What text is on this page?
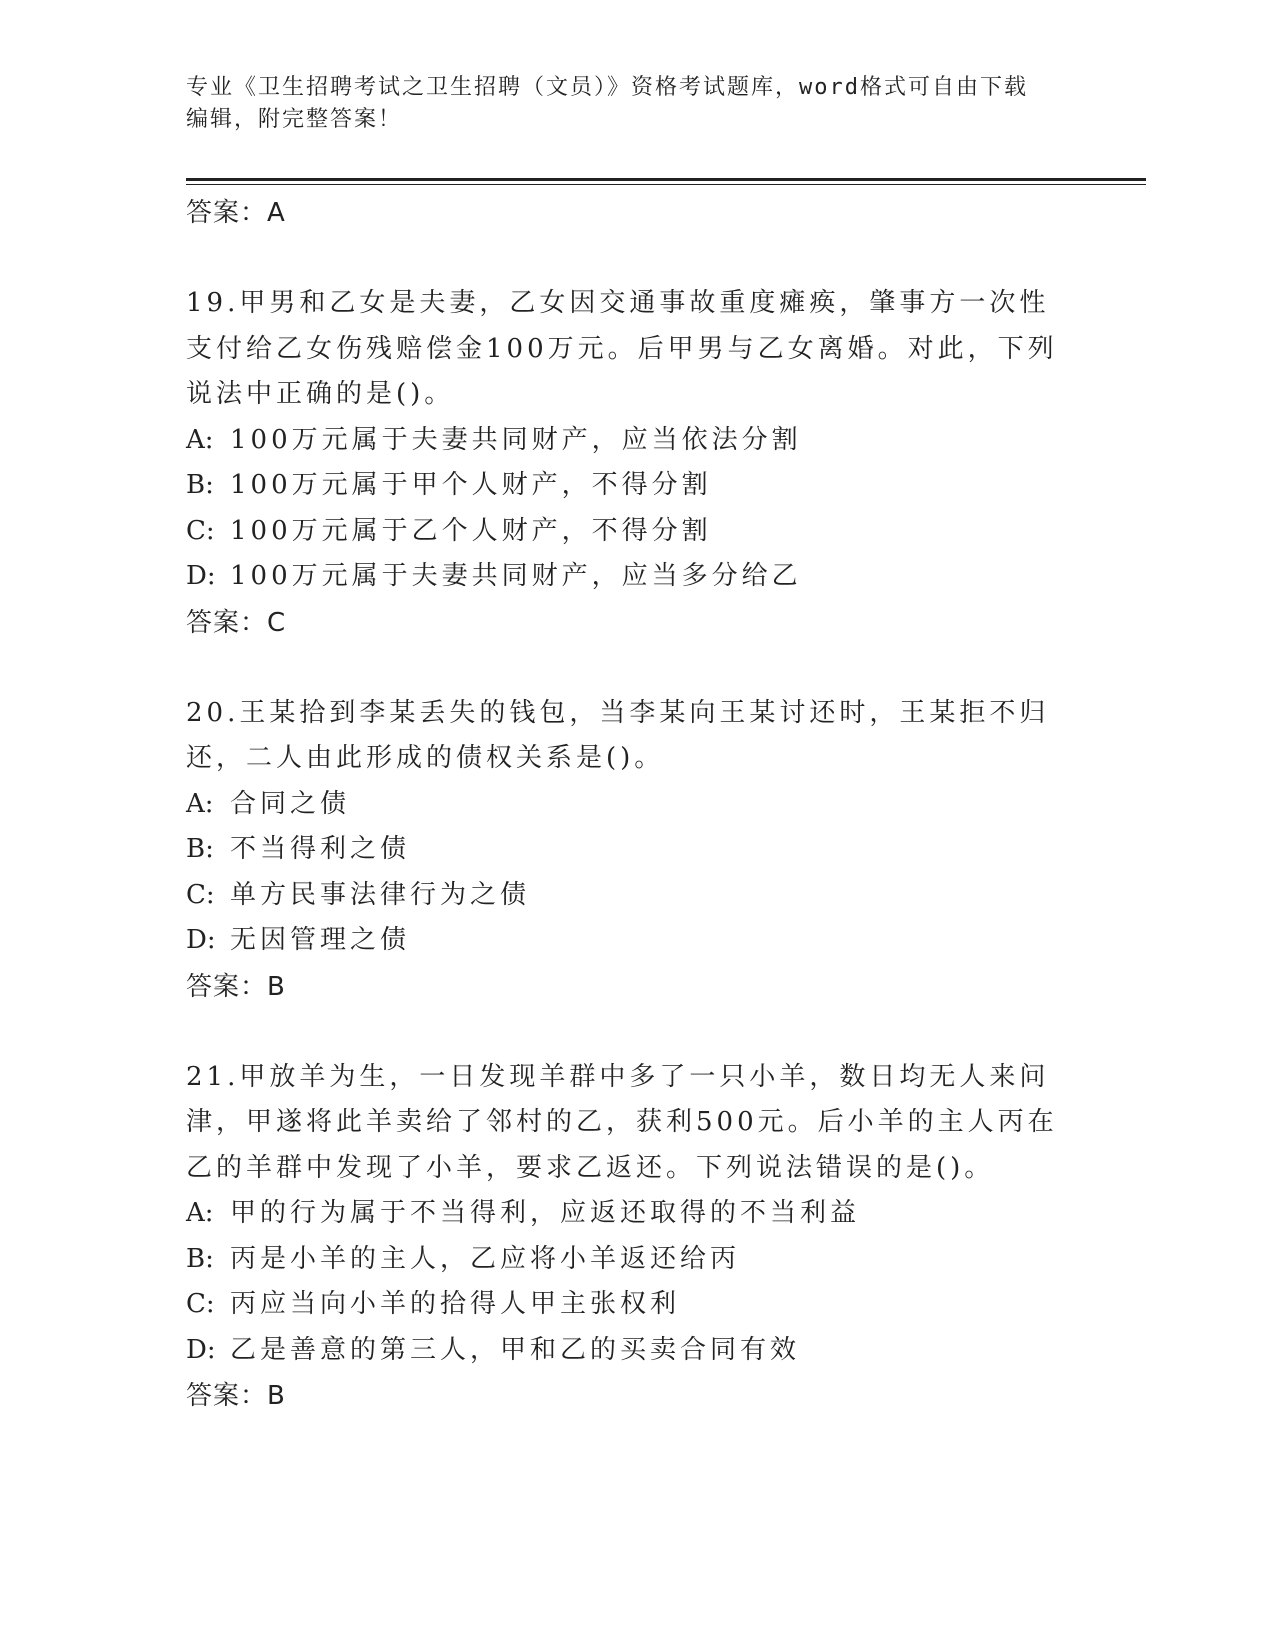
专业《卫生招聘考试之卫生招聘（文员）》资格考试题库，word格式可自由下载
编辑，附完整答案！
答案：A
19.甲男和乙女是夫妻，乙女因交通事故重度瘫痪，肇事方一次性支付给乙女伤残赔偿金100万元。后甲男与乙女离婚。对此，下列说法中正确的是()。
A: 100万元属于夫妻共同财产，应当依法分割
B: 100万元属于甲个人财产，不得分割
C: 100万元属于乙个人财产，不得分割
D: 100万元属于夫妻共同财产，应当多分给乙
答案：C
20.王某拾到李某丢失的钱包，当李某向王某讨还时，王某拒不归还，二人由此形成的债权关系是()。
A: 合同之债
B: 不当得利之债
C: 单方民事法律行为之债
D: 无因管理之债
答案：B
21.甲放羊为生，一日发现羊群中多了一只小羊，数日均无人来问津，甲遂将此羊卖给了邻村的乙，获利500元。后小羊的主人丙在乙的羊群中发现了小羊，要求乙返还。下列说法错误的是()。
A: 甲的行为属于不当得利，应返还取得的不当利益
B: 丙是小羊的主人，乙应将小羊返还给丙
C: 丙应当向小羊的拾得人甲主张权利
D: 乙是善意的第三人，甲和乙的买卖合同有效
答案：B
